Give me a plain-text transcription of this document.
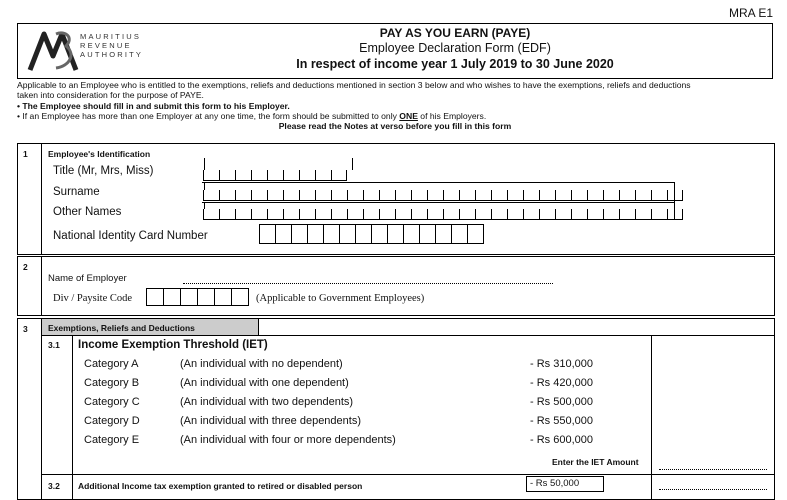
MRA E1
MAURITIUS
REVENUE
AUTHORITY
PAY AS YOU EARN (PAYE)
Employee Declaration Form (EDF)
In respect of income year 1 July 2019 to 30 June 2020
Applicable to an Employee who is entitled to the exemptions, reliefs and deductions mentioned in section 3 below and who wishes to have the exemptions, reliefs and deductions
taken into consideration for the purpose of PAYE.
• The Employee should fill in and submit this form to his Employer.
• If an Employee has more than one Employer at any one time, the form should be submitted to only ONE of his Employers.
Please read the Notes at verso before you fill in this form
1 Employee's Identification
Title (Mr, Mrs, Miss)
Surname
Other Names
National Identity Card Number
2
Name of Employer
Div / Paysite Code	(Applicable to Government Employees)
3 Exemptions, Reliefs and Deductions
3.1 Income Exemption Threshold (IET)
Category A	(An individual with no dependent)	- Rs 310,000
Category B	(An individual with one dependent)	- Rs 420,000
Category C	(An individual with two dependents)	- Rs 500,000
Category D	(An individual with three dependents)	- Rs 550,000
Category E	(An individual with four or more dependents)	- Rs 600,000
Enter the IET Amount
3.2 Additional Income tax exemption granted to retired or disabled person	- Rs 50,000
